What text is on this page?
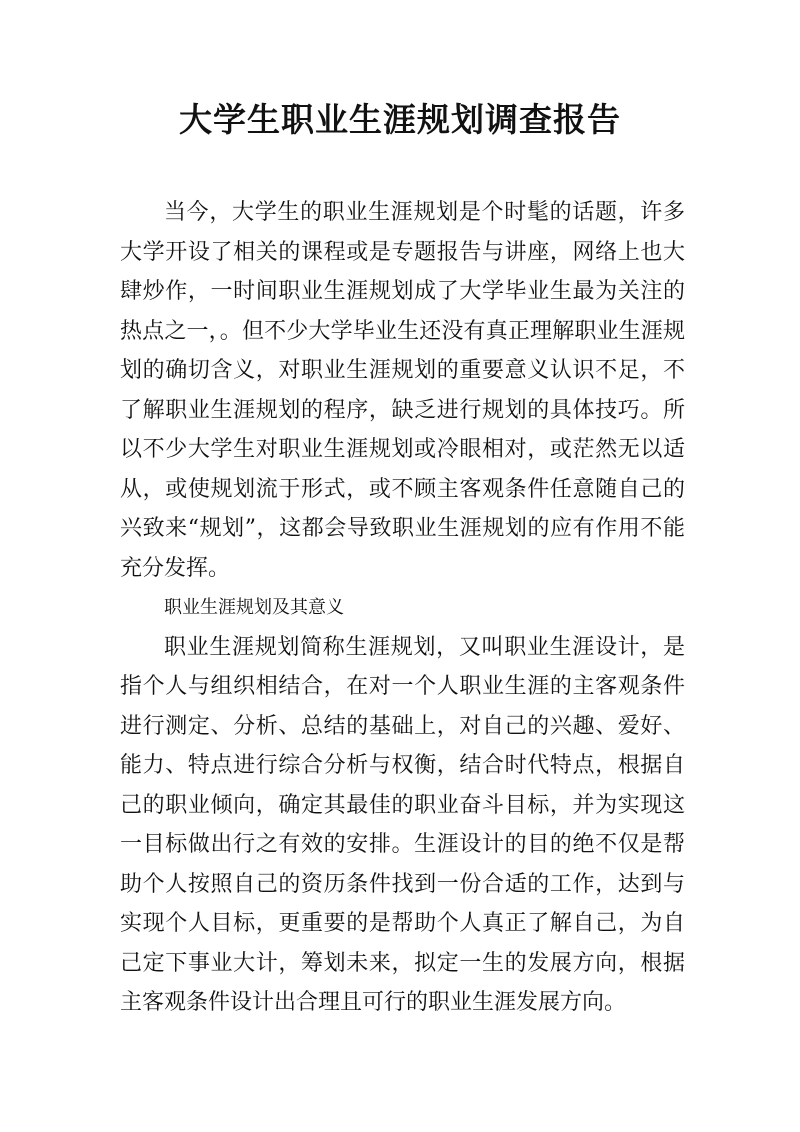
大学生职业生涯规划调查报告

当今，大学生的职业生涯规划是个时髦的话题，许多大学开设了相关的课程或是专题报告与讲座，网络上也大肆炒作，一时间职业生涯规划成了大学毕业生最为关注的热点之一，。但不少大学毕业生还没有真正理解职业生涯规划的确切含义，对职业生涯规划的重要意义认识不足，不了解职业生涯规划的程序，缺乏进行规划的具体技巧。所以不少大学生对职业生涯规划或冷眼相对，或茫然无以适从，或使规划流于形式，或不顾主客观条件任意随自己的兴致来“规划”，这都会导致职业生涯规划的应有作用不能充分发挥。

职业生涯规划及其意义

职业生涯规划简称生涯规划，又叫职业生涯设计，是指个人与组织相结合，在对一个人职业生涯的主客观条件进行测定、分析、总结的基础上，对自己的兴趣、爱好、能力、特点进行综合分析与权衡，结合时代特点，根据自己的职业倾向，确定其最佳的职业奋斗目标，并为实现这一目标做出行之有效的安排。生涯设计的目的绝不仅是帮助个人按照自己的资历条件找到一份合适的工作，达到与实现个人目标，更重要的是帮助个人真正了解自己，为自己定下事业大计，筹划未来，拟定一生的发展方向，根据主客观条件设计出合理且可行的职业生涯发展方向。
